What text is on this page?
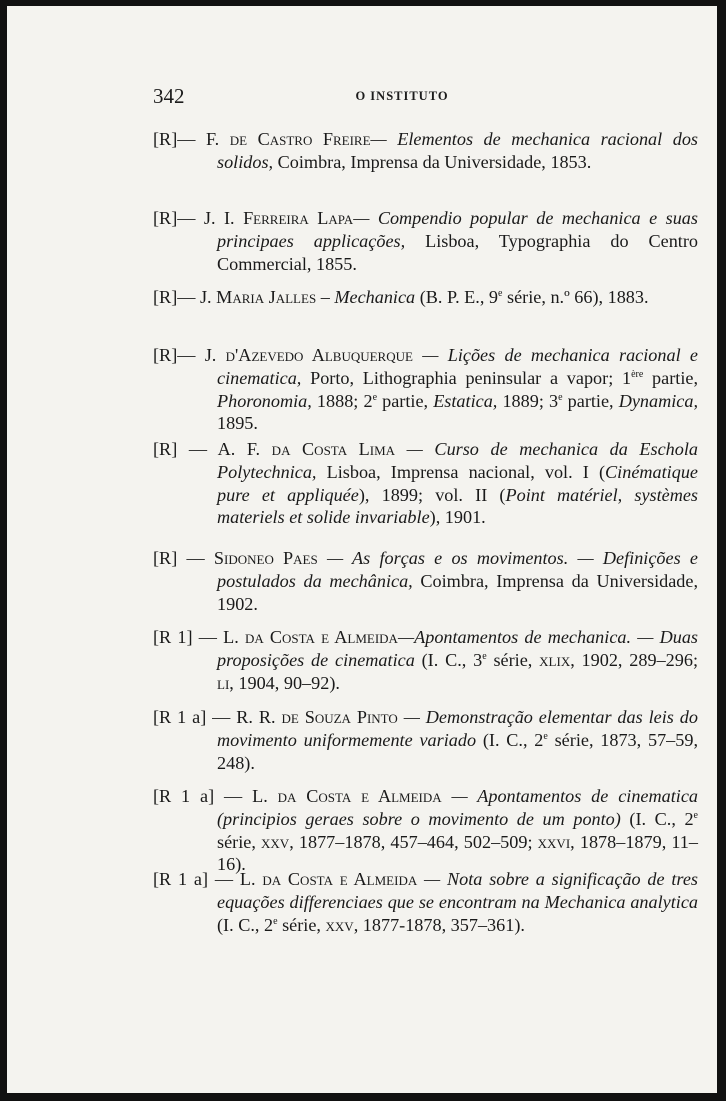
342	O INSTITUTO

[R]— F. de Castro Freire— Elementos de mechanica racional dos solidos, Coimbra, Imprensa da Universidade, 1853.

[R]— J. I. Ferreira Lapa— Compendio popular de mechanica e suas principaes applicações, Lisboa, Typographia do Centro Commercial, 1855.

[R]— J. Maria Jalles – Mechanica (B. P. E., 9e série, n.º 66), 1883.

[R]— J. d'Azevedo Albuquerque — Lições de mechanica racional e cinematica, Porto, Lithographia peninsular a vapor; 1ère partie, Phoronomia, 1888; 2e partie, Estatica, 1889; 3e partie, Dynamica, 1895.

[R] — A. F. da Costa Lima — Curso de mechanica da Eschola Polytechnica, Lisboa, Imprensa nacional, vol. I (Cinématique pure et appliquée), 1899; vol. II (Point matériel, systèmes materiels et solide invariable), 1901.

[R] — Sidoneo Paes — As forças e os movimentos. — Definições e postulados da mechânica, Coimbra, Imprensa da Universidade, 1902.

[R 1] — L. da Costa e Almeida—Apontamentos de mechanica. — Duas proposições de cinematica (I. C., 3e série, xlix, 1902, 289–296; li, 1904, 90–92).

[R 1 a] — R. R. de Souza Pinto — Demonstração elementar das leis do movimento uniformemente variado (I. C., 2e série, 1873, 57–59, 248).

[R 1 a] — L. da Costa e Almeida — Apontamentos de cinematica (principios geraes sobre o movimento de um ponto) (I. C., 2e série, xxv, 1877–1878, 457–464, 502–509; xxvi, 1878–1879, 11–16).

[R 1 a] — L. da Costa e Almeida — Nota sobre a significação de tres equações differenciaes que se encontram na Mechanica analytica (I. C., 2e série, xxv, 1877-1878, 357–361).
